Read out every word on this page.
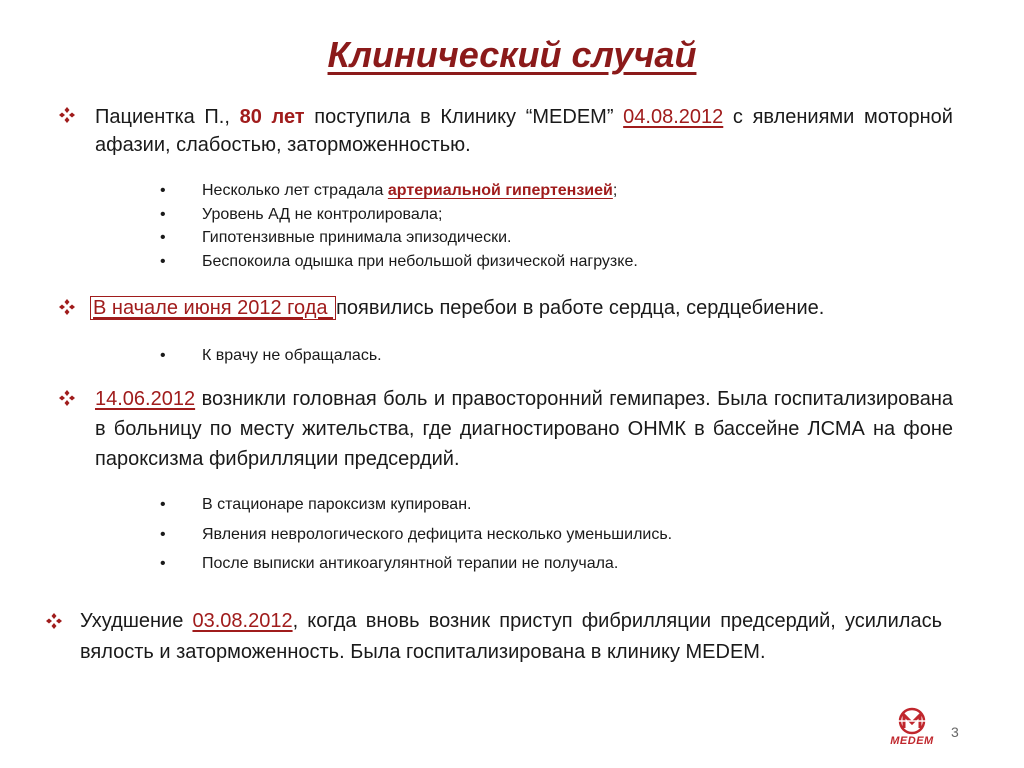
Клинический случай
Пациентка П., 80 лет поступила в Клинику “MEDEM” 04.08.2012 с явлениями моторной афазии, слабостью, заторможенностью.
• Несколько лет страдала артериальной гипертензией;
• Уровень АД не контролировала;
• Гипотензивные принимала эпизодически.
• Беспокоила одышка при небольшой физической нагрузке.
В начале июня 2012 года появились перебои в работе сердца, сердцебиение.
• К врачу не обращалась.
14.06.2012 возникли головная боль и правосторонний гемипарез. Была госпитализирована в больницу по месту жительства, где диагностировано ОНМК в бассейне ЛСМА на фоне пароксизма фибрилляции предсердий.
• В стационаре пароксизм купирован.
• Явления неврологического дефицита несколько уменьшились.
• После выписки антикоагулянтной терапии не получала.
Ухудшение 03.08.2012, когда вновь возник приступ фибрилляции предсердий, усилилась вялость и заторможенность. Была госпитализирована в клинику MEDEM.
MEDEM
3
